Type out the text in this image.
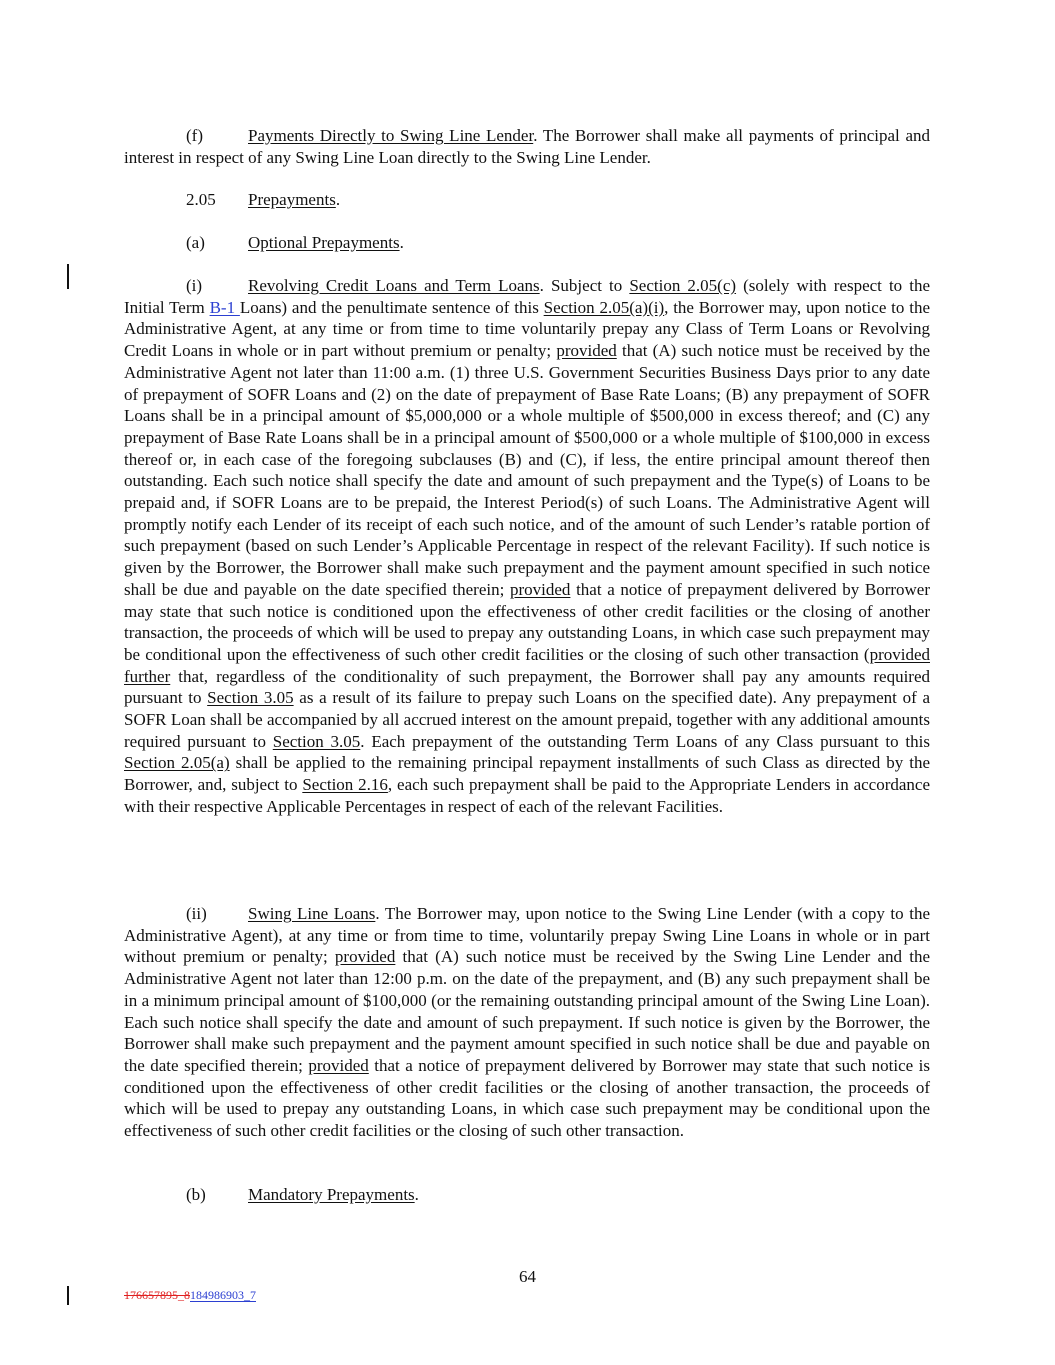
(f)	Payments Directly to Swing Line Lender. The Borrower shall make all payments of principal and interest in respect of any Swing Line Loan directly to the Swing Line Lender.

2.05 Prepayments.

(a)	Optional Prepayments.

(i)	Revolving Credit Loans and Term Loans. Subject to Section 2.05(c) (solely with respect to the Initial Term B-1 Loans) and the penultimate sentence of this Section 2.05(a)(i), the Borrower may, upon notice to the Administrative Agent, at any time or from time to time voluntarily prepay any Class of Term Loans or Revolving Credit Loans in whole or in part without premium or penalty; provided that (A) such notice must be received by the Administrative Agent not later than 11:00 a.m. (1) three U.S. Government Securities Business Days prior to any date of prepayment of SOFR Loans and (2) on the date of prepayment of Base Rate Loans; (B) any prepayment of SOFR Loans shall be in a principal amount of $5,000,000 or a whole multiple of $500,000 in excess thereof; and (C) any prepayment of Base Rate Loans shall be in a principal amount of $500,000 or a whole multiple of $100,000 in excess thereof or, in each case of the foregoing subclauses (B) and (C), if less, the entire principal amount thereof then outstanding. Each such notice shall specify the date and amount of such prepayment and the Type(s) of Loans to be prepaid and, if SOFR Loans are to be prepaid, the Interest Period(s) of such Loans. The Administrative Agent will promptly notify each Lender of its receipt of each such notice, and of the amount of such Lender’s ratable portion of such prepayment (based on such Lender’s Applicable Percentage in respect of the relevant Facility). If such notice is given by the Borrower, the Borrower shall make such prepayment and the payment amount specified in such notice shall be due and payable on the date specified therein; provided that a notice of prepayment delivered by Borrower may state that such notice is conditioned upon the effectiveness of other credit facilities or the closing of another transaction, the proceeds of which will be used to prepay any outstanding Loans, in which case such prepayment may be conditional upon the effectiveness of such other credit facilities or the closing of such other transaction (provided further that, regardless of the conditionality of such prepayment, the Borrower shall pay any amounts required pursuant to Section 3.05 as a result of its failure to prepay such Loans on the specified date). Any prepayment of a SOFR Loan shall be accompanied by all accrued interest on the amount prepaid, together with any additional amounts required pursuant to Section 3.05. Each prepayment of the outstanding Term Loans of any Class pursuant to this Section 2.05(a) shall be applied to the remaining principal repayment installments of such Class as directed by the Borrower, and, subject to Section 2.16, each such prepayment shall be paid to the Appropriate Lenders in accordance with their respective Applicable Percentages in respect of each of the relevant Facilities.

(ii) Swing Line Loans. The Borrower may, upon notice to the Swing Line Lender (with a copy to the Administrative Agent), at any time or from time to time, voluntarily prepay Swing Line Loans in whole or in part without premium or penalty; provided that (A) such notice must be received by the Swing Line Lender and the Administrative Agent not later than 12:00 p.m. on the date of the prepayment, and (B) any such prepayment shall be in a minimum principal amount of $100,000 (or the remaining outstanding principal amount of the Swing Line Loan). Each such notice shall specify the date and amount of such prepayment. If such notice is given by the Borrower, the Borrower shall make such prepayment and the payment amount specified in such notice shall be due and payable on the date specified therein; provided that a notice of prepayment delivered by Borrower may state that such notice is conditioned upon the effectiveness of other credit facilities or the closing of another transaction, the proceeds of which will be used to prepay any outstanding Loans, in which case such prepayment may be conditional upon the effectiveness of such other credit facilities or the closing of such other transaction.

(b) Mandatory Prepayments.

64
176657895_8184986903_7
